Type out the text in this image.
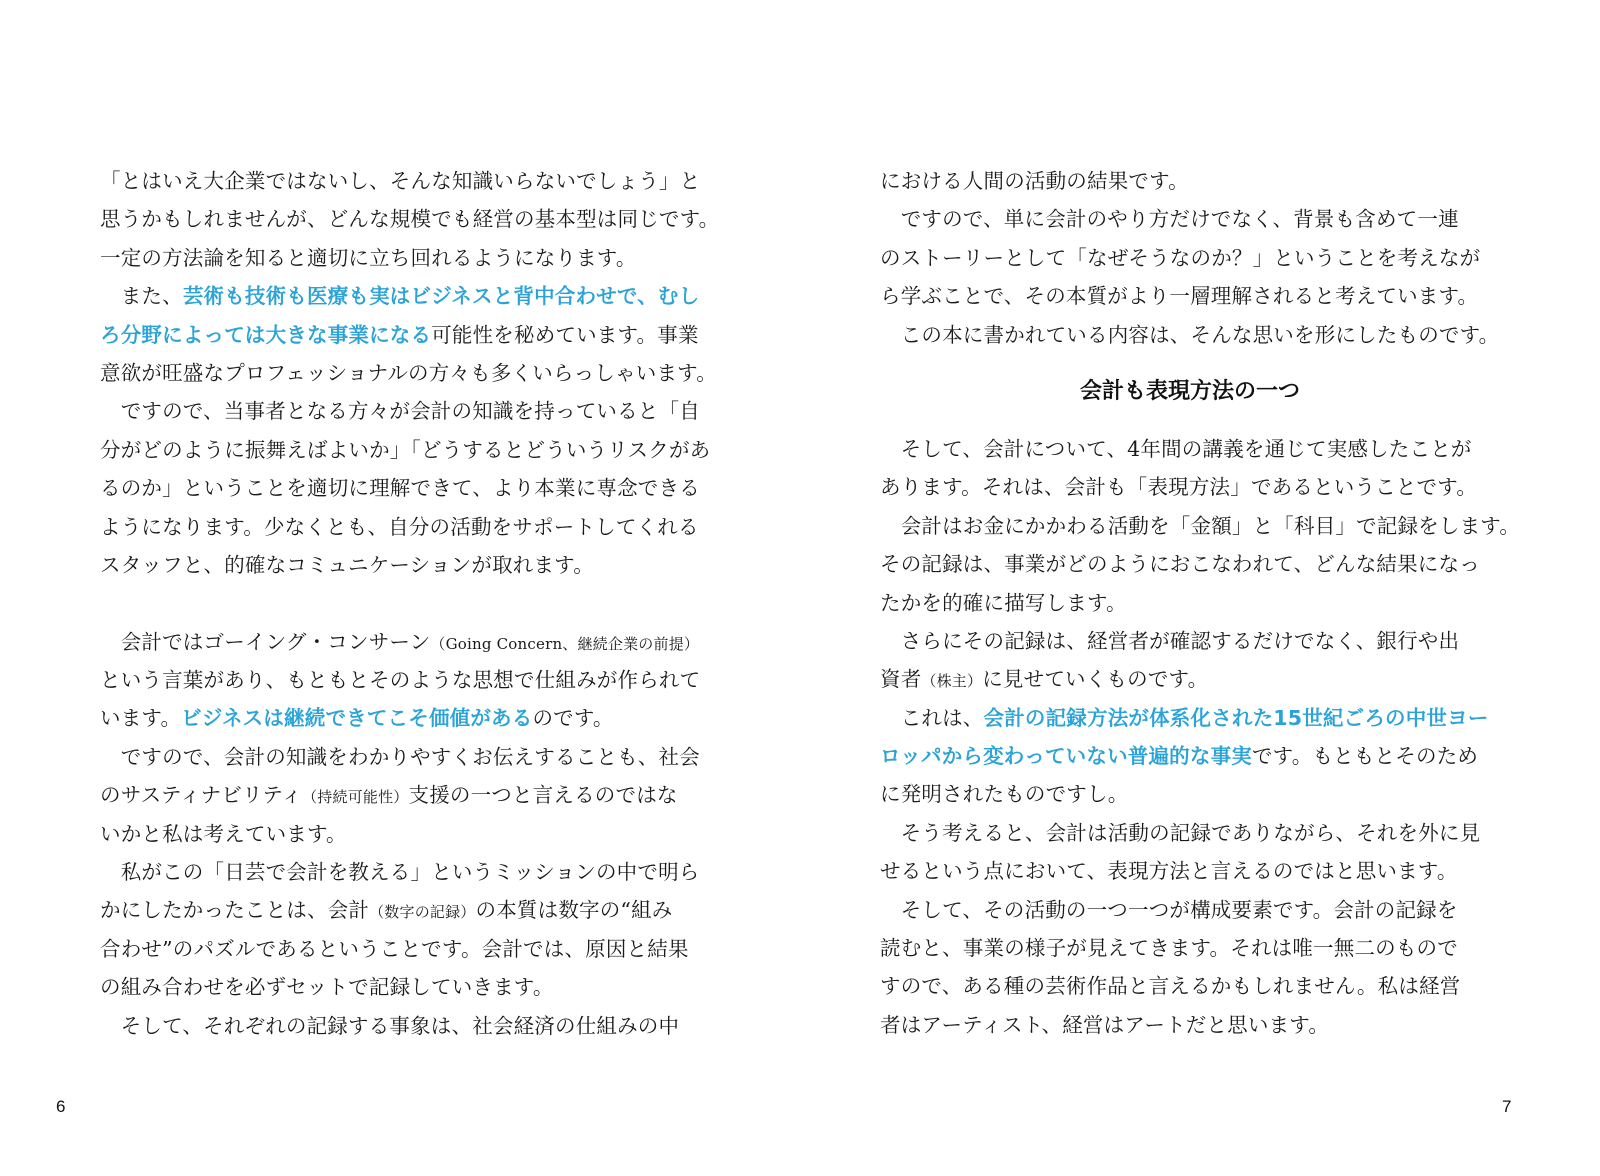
「とはいえ大企業ではないし、そんな知識いらないでしょう」と
思うかもしれませんが、どんな規模でも経営の基本型は同じです。
一定の方法論を知ると適切に立ち回れるようになります。
　また、芸術も技術も医療も実はビジネスと背中合わせで、むし
ろ分野によっては大きな事業になる可能性を秘めています。事業
意欲が旺盛なプロフェッショナルの方々も多くいらっしゃいます。
　ですので、当事者となる方々が会計の知識を持っていると「自
分がどのように振舞えばよいか」「どうするとどういうリスクがあ
るのか」ということを適切に理解できて、より本業に専念できる
ようになります。少なくとも、自分の活動をサポートしてくれる
スタッフと、的確なコミュニケーションが取れます。
　会計ではゴーイング・コンサーン（Going Concern、継続企業の前提）
という言葉があり、もともとそのような思想で仕組みが作られて
います。ビジネスは継続できてこそ価値があるのです。
　ですので、会計の知識をわかりやすくお伝えすることも、社会
のサスティナビリティ（持続可能性）支援の一つと言えるのではな
いかと私は考えています。
　私がこの「日芸で会計を教える」というミッションの中で明ら
かにしたかったことは、会計（数字の記録）の本質は数字の“組み
合わせ”のパズルであるということです。会計では、原因と結果
の組み合わせを必ずセットで記録していきます。
　そして、それぞれの記録する事象は、社会経済の仕組みの中
6
における人間の活動の結果です。
　ですので、単に会計のやり方だけでなく、背景も含めて一連
のストーリーとして「なぜそうなのか？」ということを考えなが
ら学ぶことで、その本質がより一層理解されると考えています。
　この本に書かれている内容は、そんな思いを形にしたものです。
会計も表現方法の一つ
　そして、会計について、4年間の講義を通じて実感したことが
あります。それは、会計も「表現方法」であるということです。
　会計はお金にかかわる活動を「金額」と「科目」で記録をします。
その記録は、事業がどのようにおこなわれて、どんな結果になっ
たかを的確に描写します。
　さらにその記録は、経営者が確認するだけでなく、銀行や出
資者（株主）に見せていくものです。
　これは、会計の記録方法が体系化された15世紀ごろの中世ヨー
ロッパから変わっていない普遍的な事実です。もともとそのため
に発明されたものですし。
　そう考えると、会計は活動の記録でありながら、それを外に見
せるという点において、表現方法と言えるのではと思います。
　そして、その活動の一つ一つが構成要素です。会計の記録を
読むと、事業の様子が見えてきます。それは唯一無二のもので
すので、ある種の芸術作品と言えるかもしれません。私は経営
者はアーティスト、経営はアートだと思います。
7
